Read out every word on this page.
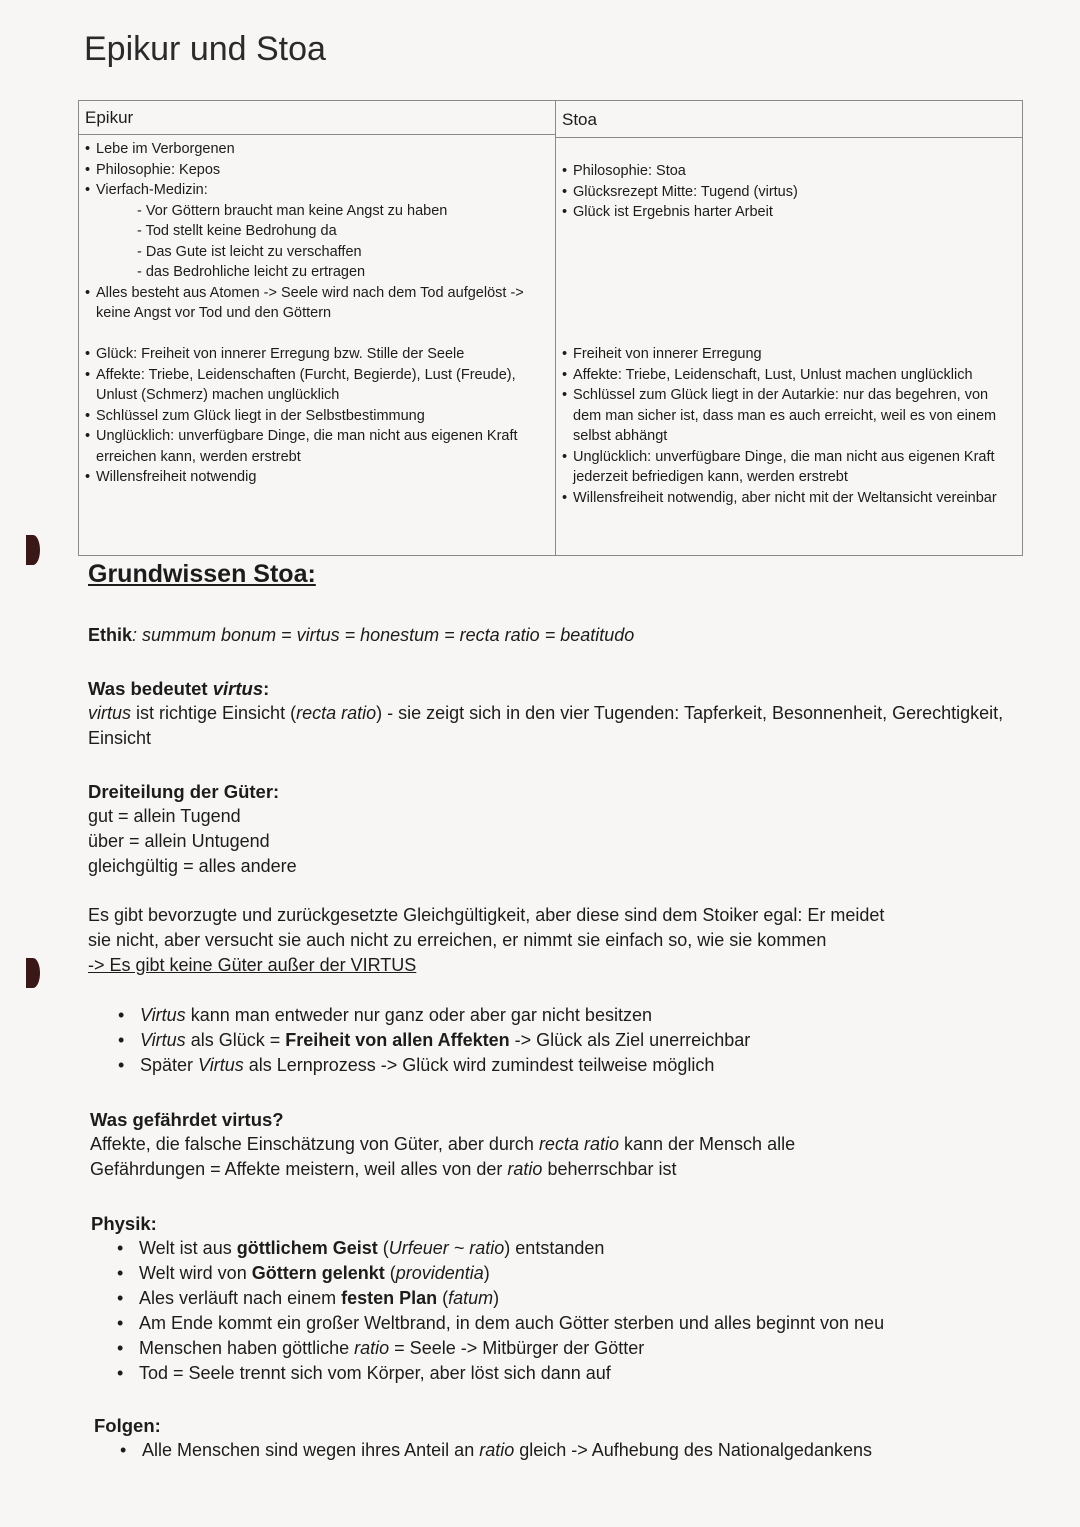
Epikur und Stoa
Epikur
• Lebe im Verborgenen
• Philosophie: Kepos
• Vierfach-Medizin:
- Vor Göttern braucht man keine Angst zu haben
- Tod stellt keine Bedrohung da
- Das Gute ist leicht zu verschaffen
- das Bedrohliche leicht zu ertragen
• Alles besteht aus Atomen -> Seele wird nach dem Tod aufgelöst -> keine Angst vor Tod und den Göttern
• Glück: Freiheit von innerer Erregung bzw. Stille der Seele
• Affekte: Triebe, Leidenschaften (Furcht, Begierde), Lust (Freude), Unlust (Schmerz) machen unglücklich
• Schlüssel zum Glück liegt in der Selbstbestimmung
• Unglücklich: unverfügbare Dinge, die man nicht aus eigenen Kraft erreichen kann, werden erstrebt
• Willensfreiheit notwendig
Stoa
• Philosophie: Stoa
• Glücksrezept Mitte: Tugend (virtus)
• Glück ist Ergebnis harter Arbeit
• Freiheit von innerer Erregung
• Affekte: Triebe, Leidenschaft, Lust, Unlust machen unglücklich
• Schlüssel zum Glück liegt in der Autarkie: nur das begehren, von dem man sicher ist, dass man es auch erreicht, weil es von einem selbst abhängt
• Unglücklich: unverfügbare Dinge, die man nicht aus eigenen Kraft jederzeit befriedigen kann, werden erstrebt
• Willensfreiheit notwendig, aber nicht mit der Weltansicht vereinbar
Grundwissen Stoa:
Ethik: summum bonum = virtus = honestum = recta ratio = beatitudo
Was bedeutet virtus:
virtus ist richtige Einsicht (recta ratio) - sie zeigt sich in den vier Tugenden: Tapferkeit, Besonnenheit, Gerechtigkeit, Einsicht
Dreiteilung der Güter:
gut = allein Tugend
über = allein Untugend
gleichgültig = alles andere
Es gibt bevorzugte und zurückgesetzte Gleichgültigkeit, aber diese sind dem Stoiker egal: Er meidet sie nicht, aber versucht sie auch nicht zu erreichen, er nimmt sie einfach so, wie sie kommen
-> Es gibt keine Güter außer der VIRTUS
• Virtus kann man entweder nur ganz oder aber gar nicht besitzen
• Virtus als Glück = Freiheit von allen Affekten -> Glück als Ziel unerreichbar
• Später Virtus als Lernprozess -> Glück wird zumindest teilweise möglich
Was gefährdet virtus?
Affekte, die falsche Einschätzung von Güter, aber durch recta ratio kann der Mensch alle Gefährdungen = Affekte meistern, weil alles von der ratio beherrschbar ist
Physik:
• Welt ist aus göttlichem Geist (Urfeuer ~ ratio) entstanden
• Welt wird von Göttern gelenkt (providentia)
• Ales verläuft nach einem festen Plan (fatum)
• Am Ende kommt ein großer Weltbrand, in dem auch Götter sterben und alles beginnt von neu
• Menschen haben göttliche ratio = Seele -> Mitbürger der Götter
• Tod = Seele trennt sich vom Körper, aber löst sich dann auf
Folgen:
• Alle Menschen sind wegen ihres Anteil an ratio gleich -> Aufhebung des Nationalgedankens
